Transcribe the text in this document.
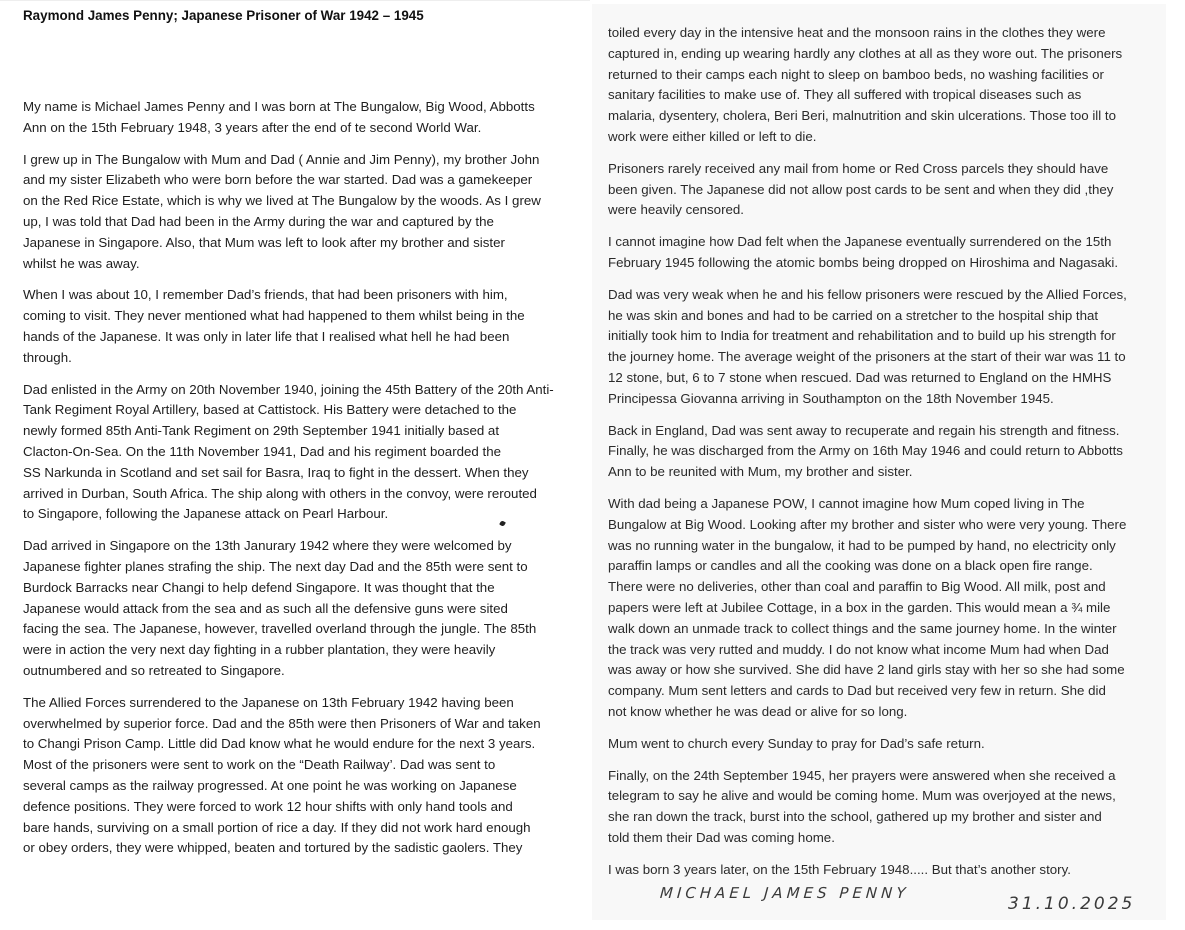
Raymond James Penny; Japanese Prisoner of War 1942 – 1945

My name is Michael James Penny and I was born at The Bungalow, Big Wood, Abbotts
Ann on the 15th February 1948, 3 years after the end of te second World War.

I grew up in The Bungalow with Mum and Dad ( Annie and Jim Penny), my brother John
and my sister Elizabeth who were born before the war started. Dad was a gamekeeper
on the Red Rice Estate, which is why we lived at The Bungalow by the woods. As I grew
up, I was told that Dad had been in the Army during the war and captured by the
Japanese in Singapore. Also, that Mum was left to look after my brother and sister
whilst he was away.

When I was about 10, I remember Dad’s friends, that had been prisoners with him,
coming to visit. They never mentioned what had happened to them whilst being in the
hands of the Japanese. It was only in later life that I realised what hell he had been
through.

Dad enlisted in the Army on 20th November 1940, joining the 45th Battery of the 20th Anti-
Tank Regiment Royal Artillery, based at Cattistock. His Battery were detached to the
newly formed 85th Anti-Tank Regiment on 29th September 1941 initially based at
Clacton-On-Sea. On the 11th November 1941, Dad and his regiment boarded the
SS Narkunda in Scotland and set sail for Basra, Iraq to fight in the dessert. When they
arrived in Durban, South Africa. The ship along with others in the convoy, were rerouted
to Singapore, following the Japanese attack on Pearl Harbour.

Dad arrived in Singapore on the 13th Janurary 1942 where they were welcomed by
Japanese fighter planes strafing the ship. The next day Dad and the 85th were sent to
Burdock Barracks near Changi to help defend Singapore. It was thought that the
Japanese would attack from the sea and as such all the defensive guns were sited
facing the sea. The Japanese, however, travelled overland through the jungle. The 85th
were in action the very next day fighting in a rubber plantation, they were heavily
outnumbered and so retreated to Singapore.

The Allied Forces surrendered to the Japanese on 13th February 1942 having been
overwhelmed by superior force. Dad and the 85th were then Prisoners of War and taken
to Changi Prison Camp. Little did Dad know what he would endure for the next 3 years.
Most of the prisoners were sent to work on the “Death Railway’. Dad was sent to
several camps as the railway progressed. At one point he was working on Japanese
defence positions. They were forced to work 12 hour shifts with only hand tools and
bare hands, surviving on a small portion of rice a day. If they did not work hard enough
or obey orders, they were whipped, beaten and tortured by the sadistic gaolers. They

toiled every day in the intensive heat and the monsoon rains in the clothes they were
captured in, ending up wearing hardly any clothes at all as they wore out. The prisoners
returned to their camps each night to sleep on bamboo beds, no washing facilities or
sanitary facilities to make use of. They all suffered with tropical diseases such as
malaria, dysentery, cholera, Beri Beri, malnutrition and skin ulcerations. Those too ill to
work were either killed or left to die.

Prisoners rarely received any mail from home or Red Cross parcels they should have
been given. The Japanese did not allow post cards to be sent and when they did ,they
were heavily censored.

I cannot imagine how Dad felt when the Japanese eventually surrendered on the 15th
February 1945 following the atomic bombs being dropped on Hiroshima and Nagasaki.

Dad was very weak when he and his fellow prisoners were rescued by the Allied Forces,
he was skin and bones and had to be carried on a stretcher to the hospital ship that
initially took him to India for treatment and rehabilitation and to build up his strength for
the journey home. The average weight of the prisoners at the start of their war was 11 to
12 stone, but, 6 to 7 stone when rescued. Dad was returned to England on the HMHS
Principessa Giovanna arriving in Southampton on the 18th November 1945.

Back in England, Dad was sent away to recuperate and regain his strength and fitness.
Finally, he was discharged from the Army on 16th May 1946 and could return to Abbotts
Ann to be reunited with Mum, my brother and sister.

With dad being a Japanese POW, I cannot imagine how Mum coped living in The
Bungalow at Big Wood. Looking after my brother and sister who were very young. There
was no running water in the bungalow, it had to be pumped by hand, no electricity only
paraffin lamps or candles and all the cooking was done on a black open fire range.
There were no deliveries, other than coal and paraffin to Big Wood. All milk, post and
papers were left at Jubilee Cottage, in a box in the garden. This would mean a ¾ mile
walk down an unmade track to collect things and the same journey home. In the winter
the track was very rutted and muddy. I do not know what income Mum had when Dad
was away or how she survived. She did have 2 land girls stay with her so she had some
company. Mum sent letters and cards to Dad but received very few in return. She did
not know whether he was dead or alive for so long.

Mum went to church every Sunday to pray for Dad’s safe return.

Finally, on the 24th September 1945, her prayers were answered when she received a
telegram to say he alive and would be coming home. Mum was overjoyed at the news,
she ran down the track, burst into the school, gathered up my brother and sister and
told them their Dad was coming home.

I was born 3 years later, on the 15th February 1948..... But that’s another story.

MICHAEL JAMES PENNY
31.10.2025
